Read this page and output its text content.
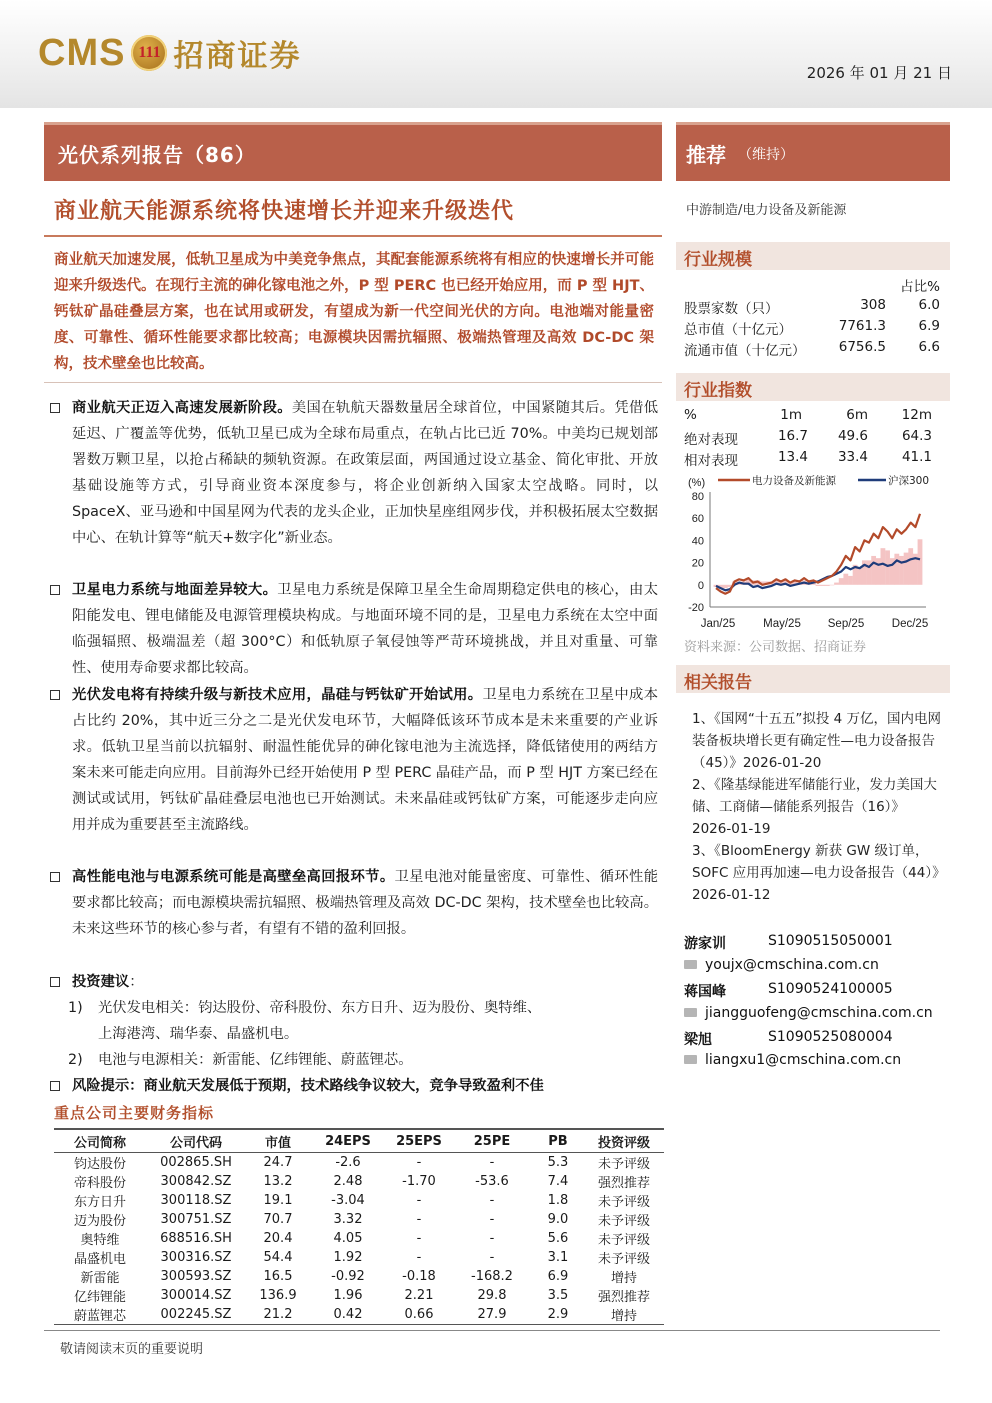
CMS 111 招商证券	2026 年 01 月 21 日
光伏系列报告（86）	推荐 （维持）
商业航天能源系统将快速增长并迎来升级迭代	中游制造/电力设备及新能源
商业航天加速发展，低轨卫星成为中美竞争焦点，其配套能源系统将有相应的快速增长并可能迎来升级迭代。在现行主流的砷化镓电池之外，P 型 PERC 也已经开始应用，而 P 型 HJT、钙钛矿晶硅叠层方案，也在试用或研发，有望成为新一代空间光伏的方向。电池端对能量密度、可靠性、循环性能要求都比较高；电源模块因需抗辐照、极端热管理及高效 DC-DC 架构，技术壁垒也比较高。
商业航天正迈入高速发展新阶段。美国在轨航天器数量居全球首位，中国紧随其后。凭借低延迟、广覆盖等优势，低轨卫星已成为全球布局重点，在轨占比已近 70%。中美均已规划部署数万颗卫星，以抢占稀缺的频轨资源。在政策层面，两国通过设立基金、简化审批、开放基础设施等方式，引导商业资本深度参与，将企业创新纳入国家太空战略。同时，以 SpaceX、亚马逊和中国星网为代表的龙头企业，正加快星座组网步伐，并积极拓展太空数据中心、在轨计算等“航天+数字化”新业态。
卫星电力系统与地面差异较大。卫星电力系统是保障卫星全生命周期稳定供电的核心，由太阳能发电、锂电储能及电源管理模块构成。与地面环境不同的是，卫星电力系统在太空中面临强辐照、极端温差（超 300°C）和低轨原子氧侵蚀等严苛环境挑战，并且对重量、可靠性、使用寿命要求都比较高。
光伏发电将有持续升级与新技术应用，晶硅与钙钛矿开始试用。卫星电力系统在卫星中成本占比约 20%，其中近三分之二是光伏发电环节，大幅降低该环节成本是未来重要的产业诉求。低轨卫星当前以抗辐射、耐温性能优异的砷化镓电池为主流选择，降低锗使用的两结方案未来可能走向应用。目前海外已经开始使用 P 型 PERC 晶硅产品，而 P 型 HJT 方案已经在测试或试用，钙钛矿晶硅叠层电池也已开始测试。未来晶硅或钙钛矿方案，可能逐步走向应用并成为重要甚至主流路线。
高性能电池与电源系统可能是高壁垒高回报环节。卫星电池对能量密度、可靠性、循环性能要求都比较高；而电源模块需抗辐照、极端热管理及高效 DC-DC 架构，技术壁垒也比较高。未来这些环节的核心参与者，有望有不错的盈利回报。
投资建议：
1) 光伏发电相关：钧达股份、帝科股份、东方日升、迈为股份、奥特维、
上海港湾、瑞华泰、晶盛机电。
2) 电池与电源相关：新雷能、亿纬锂能、蔚蓝锂芯。
风险提示：商业航天发展低于预期，技术路线争议较大，竞争导致盈利不佳
重点公司主要财务指标
公司简称	公司代码	市值	24EPS	25EPS	25PE	PB	投资评级
钧达股份	002865.SH	24.7	-2.6	-	-	5.3	未予评级
帝科股份	300842.SZ	13.2	2.48	-1.70	-53.6	7.4	强烈推荐
东方日升	300118.SZ	19.1	-3.04	-	-	1.8	未予评级
迈为股份	300751.SZ	70.7	3.32	-	-	9.0	未予评级
奥特维	688516.SH	20.4	4.05	-	-	5.6	未予评级
晶盛机电	300316.SZ	54.4	1.92	-	-	3.1	未予评级
新雷能	300593.SZ	16.5	-0.92	-0.18	-168.2	6.9	增持
亿纬锂能	300014.SZ	136.9	1.96	2.21	29.8	3.5	强烈推荐
蔚蓝锂芯	002245.SZ	21.2	0.42	0.66	27.9	2.9	增持
敬请阅读末页的重要说明
行业规模
占比%
股票家数（只）	308 6.0
总市值（十亿元）	7761.3 6.9
流通市值（十亿元） 6756.5 6.6
行业指数
%	1m	6m 12m
绝对表现	16.7 49.6	64.3
相对表现	13.4 33.4	41.1
(%)
80
60
40
20
0
-20
Jan/25 May/25 Sep/25 Dec/25
电力设备及新能源	沪深300
资料来源：公司数据、招商证券
相关报告
1、《国网“十五五”拟投 4 万亿，国内电网装备板块增长更有确定性—电力设备报告（45）》2026-01-20
2、《隆基绿能进军储能行业，发力美国大储、工商储—储能系列报告（16）》2026-01-19
3、《BloomEnergy 新获 GW 级订单，SOFC 应用再加速—电力设备报告（44）》2026-01-12
游家训	S1090515050001
youjx@cmschina.com.cn
蒋国峰	S1090524100005
jiangguofeng@cmschina.com.cn
梁旭	S1090525080004
liangxu1@cmschina.com.cn
